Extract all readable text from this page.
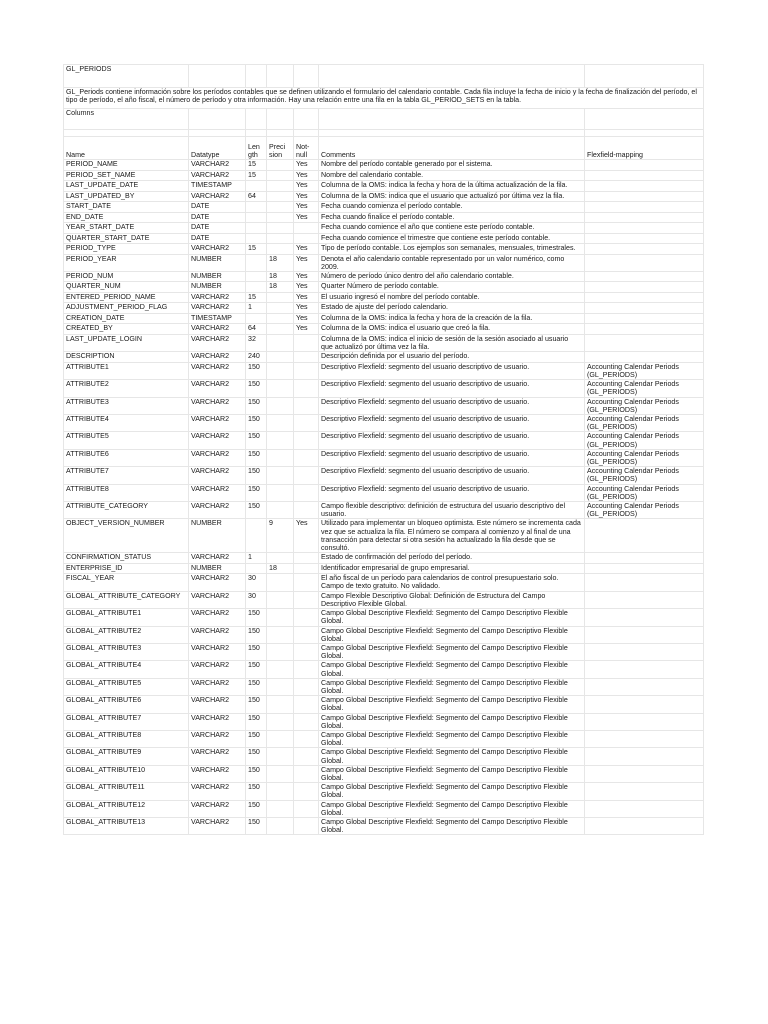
GL_PERIODS						
GL_Periods contiene información sobre los períodos contables que se definen utilizando el formulario del calendario contable. Cada fila incluye la fecha de inicio y la fecha de finalización del período, el tipo de período, el año fiscal, el número de período y otra información. Hay una relación entre una fila en la tabla GL_PERIOD_SETS en la tabla.						
Columns						

Name	Datatype	Len gth	Preci sion	Not- null	Comments	Flexfield-mapping
PERIOD_NAME	VARCHAR2	15		Yes	Nombre del período contable generado por el sistema.	
PERIOD_SET_NAME	VARCHAR2	15		Yes	Nombre del calendario contable.	
LAST_UPDATE_DATE	TIMESTAMP			Yes	Columna de la OMS: indica la fecha y hora de la última actualización de la fila.	
LAST_UPDATED_BY	VARCHAR2	64		Yes	Columna de la OMS: indica que el usuario que actualizó por última vez la fila.	
START_DATE	DATE			Yes	Fecha cuando comienza el período contable.	
END_DATE	DATE			Yes	Fecha cuando finalice el período contable.	
YEAR_START_DATE	DATE				Fecha cuando comience el año que contiene este período contable.	
QUARTER_START_DATE	DATE				Fecha cuando comience el trimestre que contiene este período contable.	
PERIOD_TYPE	VARCHAR2	15		Yes	Tipo de período contable. Los ejemplos son semanales, mensuales, trimestrales.	
PERIOD_YEAR	NUMBER		18	Yes	Denota el año calendario contable representado por un valor numérico, como 2009.	
PERIOD_NUM	NUMBER		18	Yes	Número de período único dentro del año calendario contable.	
QUARTER_NUM	NUMBER		18	Yes	Quarter Número de período contable.	
ENTERED_PERIOD_NAME	VARCHAR2	15		Yes	El usuario ingresó el nombre del período contable.	
ADJUSTMENT_PERIOD_FLAG	VARCHAR2	1		Yes	Estado de ajuste del período calendario.	
CREATION_DATE	TIMESTAMP			Yes	Columna de la OMS: indica la fecha y hora de la creación de la fila.	
CREATED_BY	VARCHAR2	64		Yes	Columna de la OMS: indica el usuario que creó la fila.	
LAST_UPDATE_LOGIN	VARCHAR2	32			Columna de la OMS: indica el inicio de sesión de la sesión asociado al usuario que actualizó por última vez la fila.	
DESCRIPTION	VARCHAR2	240			Descripción definida por el usuario del período.	
ATTRIBUTE1	VARCHAR2	150			Descriptivo Flexfield: segmento del usuario descriptivo de usuario.	Accounting Calendar Periods (GL_PERIODS)
ATTRIBUTE2	VARCHAR2	150			Descriptivo Flexfield: segmento del usuario descriptivo de usuario.	Accounting Calendar Periods (GL_PERIODS)
ATTRIBUTE3	VARCHAR2	150			Descriptivo Flexfield: segmento del usuario descriptivo de usuario.	Accounting Calendar Periods (GL_PERIODS)
ATTRIBUTE4	VARCHAR2	150			Descriptivo Flexfield: segmento del usuario descriptivo de usuario.	Accounting Calendar Periods (GL_PERIODS)
ATTRIBUTE5	VARCHAR2	150			Descriptivo Flexfield: segmento del usuario descriptivo de usuario.	Accounting Calendar Periods (GL_PERIODS)
ATTRIBUTE6	VARCHAR2	150			Descriptivo Flexfield: segmento del usuario descriptivo de usuario.	Accounting Calendar Periods (GL_PERIODS)
ATTRIBUTE7	VARCHAR2	150			Descriptivo Flexfield: segmento del usuario descriptivo de usuario.	Accounting Calendar Periods (GL_PERIODS)
ATTRIBUTE8	VARCHAR2	150			Descriptivo Flexfield: segmento del usuario descriptivo de usuario.	Accounting Calendar Periods (GL_PERIODS)
ATTRIBUTE_CATEGORY	VARCHAR2	150			Campo flexible descriptivo: definición de estructura del usuario descriptivo del usuario.	Accounting Calendar Periods (GL_PERIODS)
OBJECT_VERSION_NUMBER	NUMBER		9	Yes	Utilizado para implementar un bloqueo optimista. Este número se incrementa cada vez que se actualiza la fila. El número se compara al comienzo y al final de una transacción para detectar si otra sesión ha actualizado la fila desde que se consultó.	
CONFIRMATION_STATUS	VARCHAR2	1			Estado de confirmación del período del período.	
ENTERPRISE_ID	NUMBER		18		Identificador empresarial de grupo empresarial.	
FISCAL_YEAR	VARCHAR2	30			El año fiscal de un período para calendarios de control presupuestario solo. Campo de texto gratuito. No validado.	
GLOBAL_ATTRIBUTE_CATEGORY	VARCHAR2	30			Campo Flexible Descriptivo Global: Definición de Estructura del Campo Descriptivo Flexible Global.	
GLOBAL_ATTRIBUTE1	VARCHAR2	150			Campo Global Descriptive Flexfield: Segmento del Campo Descriptivo Flexible Global.	
GLOBAL_ATTRIBUTE2	VARCHAR2	150			Campo Global Descriptive Flexfield: Segmento del Campo Descriptivo Flexible Global.	
GLOBAL_ATTRIBUTE3	VARCHAR2	150			Campo Global Descriptive Flexfield: Segmento del Campo Descriptivo Flexible Global.	
GLOBAL_ATTRIBUTE4	VARCHAR2	150			Campo Global Descriptive Flexfield: Segmento del Campo Descriptivo Flexible Global.	
GLOBAL_ATTRIBUTE5	VARCHAR2	150			Campo Global Descriptive Flexfield: Segmento del Campo Descriptivo Flexible Global.	
GLOBAL_ATTRIBUTE6	VARCHAR2	150			Campo Global Descriptive Flexfield: Segmento del Campo Descriptivo Flexible Global.	
GLOBAL_ATTRIBUTE7	VARCHAR2	150			Campo Global Descriptive Flexfield: Segmento del Campo Descriptivo Flexible Global.	
GLOBAL_ATTRIBUTE8	VARCHAR2	150			Campo Global Descriptive Flexfield: Segmento del Campo Descriptivo Flexible Global.	
GLOBAL_ATTRIBUTE9	VARCHAR2	150			Campo Global Descriptive Flexfield: Segmento del Campo Descriptivo Flexible Global.	
GLOBAL_ATTRIBUTE10	VARCHAR2	150			Campo Global Descriptive Flexfield: Segmento del Campo Descriptivo Flexible Global.	
GLOBAL_ATTRIBUTE11	VARCHAR2	150			Campo Global Descriptive Flexfield: Segmento del Campo Descriptivo Flexible Global.	
GLOBAL_ATTRIBUTE12	VARCHAR2	150			Campo Global Descriptive Flexfield: Segmento del Campo Descriptivo Flexible Global.	
GLOBAL_ATTRIBUTE13	VARCHAR2	150			Campo Global Descriptive Flexfield: Segmento del Campo Descriptivo Flexible Global.	
